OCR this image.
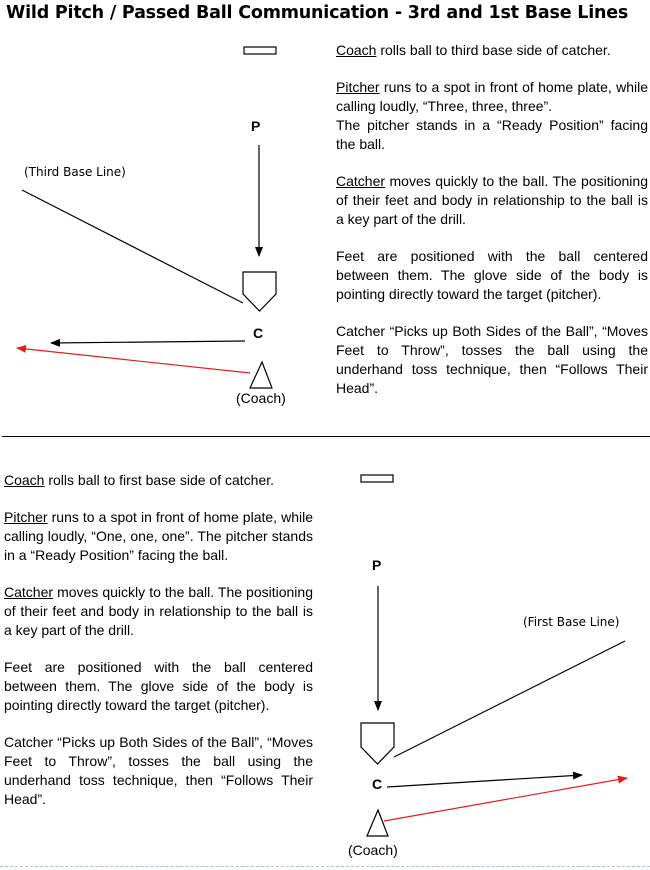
Wild Pitch / Passed Ball Communication - 3rd and 1st Base Lines
P
(Third Base Line)
C
(Coach)
P
(First Base Line)
C
(Coach)

Coach rolls ball to third base side of catcher.

Pitcher runs to a spot in front of home plate, while calling loudly, “Three, three, three”.
The pitcher stands in a “Ready Position” facing the ball.

Catcher moves quickly to the ball. The positioning of their feet and body in relationship to the ball is a key part of the drill.

Feet are positioned with the ball centered between them. The glove side of the body is pointing directly toward the target (pitcher).

Catcher “Picks up Both Sides of the Ball”, “Moves Feet to Throw”, tosses the ball using the underhand toss technique, then “Follows Their Head”.

Coach rolls ball to first base side of catcher.

Pitcher runs to a spot in front of home plate, while calling loudly, “One, one, one”. The pitcher stands in a “Ready Position” facing the ball.

Catcher moves quickly to the ball. The positioning of their feet and body in relationship to the ball is a key part of the drill.

Feet are positioned with the ball centered between them. The glove side of the body is pointing directly toward the target (pitcher).

Catcher “Picks up Both Sides of the Ball”, “Moves Feet to Throw”, tosses the ball using the underhand toss technique, then “Follows Their Head”.
